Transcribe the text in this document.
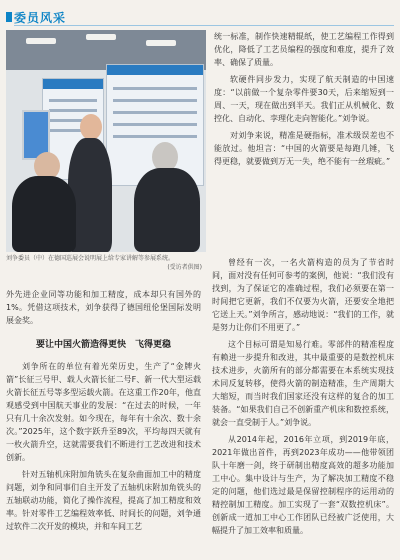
委员风采
刘争委员（中）在德国巡展会说明展上给专家讲解等参展系统。
(受访者供图)

统一标准，制作快速精辊纸，使工艺编程工作得到优化，降低了工艺员编程的强度和难度，提升了效率、确保了质量。

软硬件同步发力，实现了航天制造的中国速度：“以前做一个复杂零件要30天，后来缩短到一周、一天，现在做出到半天。我们正从机械化、数控化、自动化、孪理化走向智能化。”刘争说。

对刘争来说，精准是硬指标，准术级误差也不能放过。他坦言：“中国的火箭要是每跑几锤，飞得更稳，就要做到万无一失，绝不能有一丝瑕疵。”

曾经有一次，一名火箭构造的员为了节省时间，面对没有任何可参考的案例，他说：“我们没有找到，为了保证它的准确过程，我们必须要在第一时间把它更新，我们不仅要为火箭，还要安全地把它送上天。”刘争所言，感动地说：“我们的工作，就是努力让你们不用更了。”

这个目标可谓是知易行难。零部件的精准程度有赖进一步提升和改进，其中最重要的是数控机床技术进步，火箭所有的部分都需要在本系统实现技术同反复转移，使得火箭的制造精准，生产周期大大缩短，而当时我们国家还没有这样的复合的加工装备。“如果我们自己不创新重产机床和数控系统，就会一直受制于人。”刘争说。

从2014年起，2016年立项，到2019年底，2021年做出首件，再到2023年成功——他带领团队十年磨一剑，终于研制出精度高效的超多功能加工中心。集中设计与生产，为了解决加工精度不稳定的问题，他们选过最是保留控制程序的运用动的精控制加工精度。加工实现了一套“双数控机床”。创新成一道加工中心工作团队已经被广泛使用，大幅提升了加工效率和质量。

外先进企业同等功能和加工精度，成本却只有国外的1%。凭借这项技术，刘争获得了德国纽伦堡国际发明展金奖。

要让中国火箭造得更快　飞得更稳

刘争所在的单位有着光荣历史，生产了“金牌火箭”长征三号甲、载人火箭长征二号F、新一代大型运载火箭长征五号等多型运载火箭。在这重工作20年，他直观感受到中国航天事业的发展：“在过去的时候，一年只有几十余次发射。如今现在，每年有十余次、数十余次。”2025年，这个数字跃升至89次，平均每四天就有一枚火箭升空，这就需要我们不断进行工艺改进和技术创新。

针对五轴机床附加角铣头在复杂曲面加工中的精度问题，刘争和同事们自主开发了五轴机床附加角铣头的五轴联动功能，简化了操作流程，提高了加工精度和效率。针对零件工艺编程效率低、时间长的问题，刘争通过软件二次开发的模块，并和车间工艺
